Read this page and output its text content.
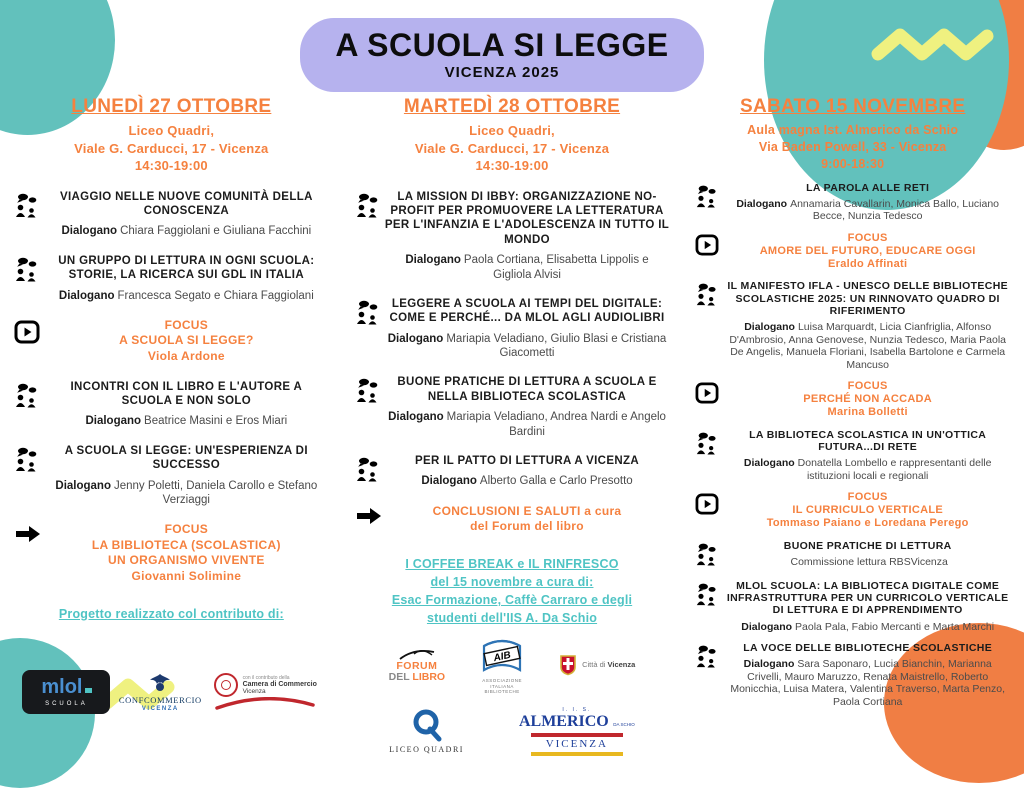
A SCUOLA SI LEGGE
VICENZA 2025
LUNEDÌ 27 OTTOBRE
Liceo Quadri,
Viale G. Carducci, 17 - Vicenza
14:30-19:00
VIAGGIO NELLE NUOVE COMUNITÀ DELLA CONOSCENZA
Dialogano Chiara Faggiolani e Giuliana Facchini
UN GRUPPO DI LETTURA IN OGNI SCUOLA: STORIE, LA RICERCA SUI GDL IN ITALIA
Dialogano Francesca Segato e Chiara Faggiolani
FOCUS
A SCUOLA SI LEGGE?
Viola Ardone
INCONTRI CON IL LIBRO E L'AUTORE A SCUOLA E NON SOLO
Dialogano Beatrice Masini e Eros Miari
A SCUOLA SI LEGGE: UN'ESPERIENZA DI SUCCESSO
Dialogano Jenny Poletti, Daniela Carollo e Stefano Verziaggi
FOCUS
LA BIBLIOTECA (SCOLASTICA)
UN ORGANISMO VIVENTE
Giovanni Solimine
Progetto realizzato col contributo di:
mlol
SCUOLA	CONFCOMMERCIO
VICENZA
con il contributo della
Camera di Commercio
Vicenza
MARTEDÌ 28 OTTOBRE
Liceo Quadri,
Viale G. Carducci, 17 - Vicenza
14:30-19:00
LA MISSION DI IBBY: ORGANIZZAZIONE NO-PROFIT PER PROMUOVERE LA LETTERATURA PER L'INFANZIA E L'ADOLESCENZA IN TUTTO IL MONDO
Dialogano Paola Cortiana, Elisabetta Lippolis e Gigliola Alvisi
LEGGERE A SCUOLA AI TEMPI DEL DIGITALE: COME E PERCHÉ... DA MLOL AGLI AUDIOLIBRI
Dialogano Mariapia Veladiano, Giulio Blasi e Cristiana Giacometti
BUONE PRATICHE DI LETTURA A SCUOLA E NELLA BIBLIOTECA SCOLASTICA
Dialogano Mariapia Veladiano, Andrea Nardi e Angelo Bardini
PER IL PATTO DI LETTURA A VICENZA
Dialogano Alberto Galla e Carlo Presotto
CONCLUSIONI E SALUTI a cura
del Forum del libro
I COFFEE BREAK e IL RINFRESCO
del 15 novembre a cura di:
Esac Formazione, Caffè Carraro e degli
studenti dell'IIS A. Da Schio
FORUM
DEL LIBRO
AIB
ASSOCIAZIONE
ITALIANA
BIBLIOTECHE
Città di Vicenza
LICEO QUADRI
I. I. S.
ALMERICO DA SCHIO
VICENZA
SABATO 15 NOVEMBRE
Aula magna Ist. Almerico da Schio
Via Baden Powell, 33 - Vicenza
9:00-18:30
LA PAROLA ALLE RETI
Dialogano Annamaria Cavallarin, Monica Ballo, Luciano Becce, Nunzia Tedesco
FOCUS
AMORE DEL FUTURO, EDUCARE OGGI
Eraldo Affinati
IL MANIFESTO IFLA - UNESCO DELLE BIBLIOTECHE SCOLASTICHE 2025: UN RINNOVATO QUADRO DI RIFERIMENTO
Dialogano Luisa Marquardt, Licia Cianfriglia, Alfonso D'Ambrosio, Anna Genovese, Nunzia Tedesco, Maria Paola De Angelis, Manuela Floriani, Isabella Bartolone e Carmela Mancuso
FOCUS
PERCHÉ NON ACCADA
Marina Bolletti
LA BIBLIOTECA SCOLASTICA IN UN'OTTICA FUTURA...DI RETE
Dialogano Donatella Lombello e rappresentanti delle istituzioni locali e regionali
FOCUS
IL CURRICULO VERTICALE
Tommaso Paiano e Loredana Perego
BUONE PRATICHE DI LETTURA
Commissione lettura RBSVicenza
MLOL SCUOLA: LA BIBLIOTECA DIGITALE COME INFRASTRUTTURA PER UN CURRICOLO VERTICALE DI LETTURA E DI APPRENDIMENTO
Dialogano Paola Pala, Fabio Mercanti e Marta Marchi
LA VOCE DELLE BIBLIOTECHE SCOLASTICHE
Dialogano Sara Saponaro, Lucia Bianchin, Marianna Crivelli, Mauro Maruzzo, Renata Maistrello, Roberto Monicchia, Luisa Matera, Valentina Traverso, Marta Penzo, Paola Cortiana
